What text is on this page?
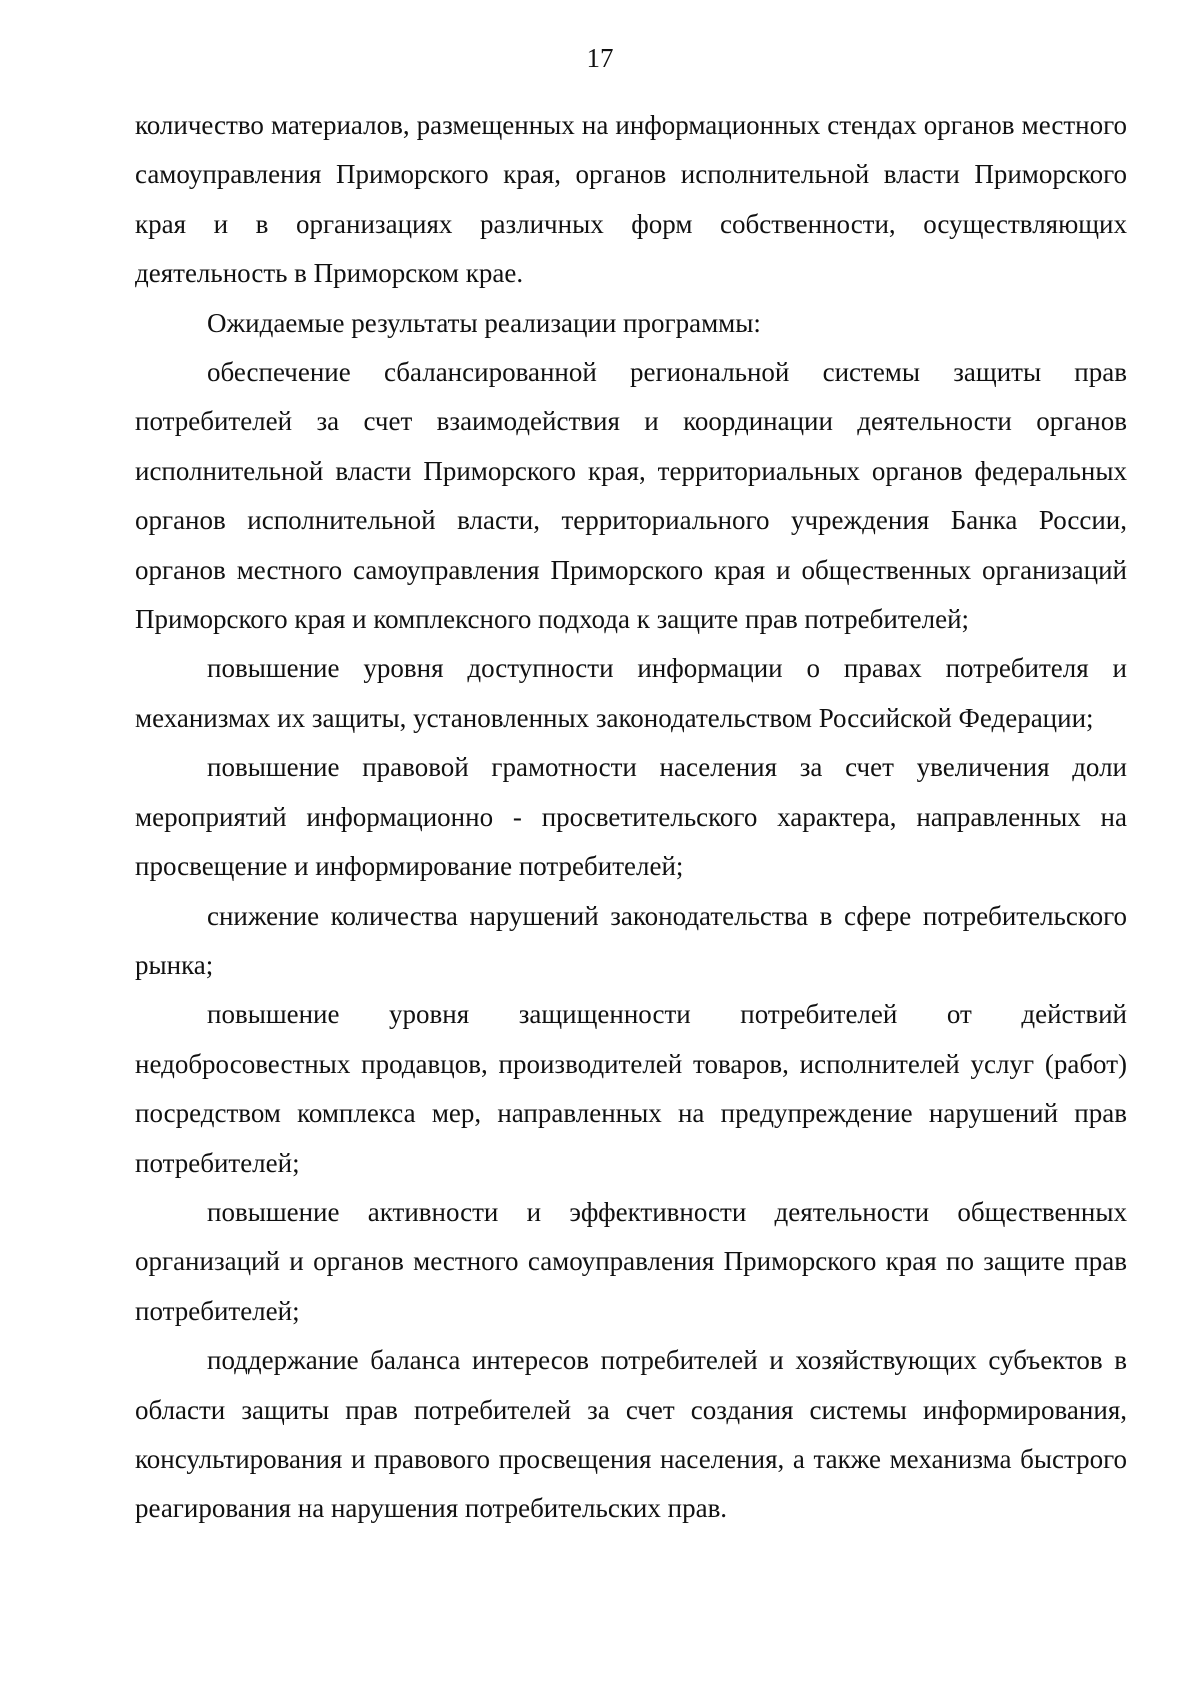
17

количество материалов, размещенных на информационных стендах органов местного самоуправления Приморского края, органов исполнительной власти Приморского края и в организациях различных форм собственности, осуществляющих деятельность в Приморском крае.

Ожидаемые результаты реализации программы:

обеспечение сбалансированной региональной системы защиты прав потребителей за счет взаимодействия и координации деятельности органов исполнительной власти Приморского края, территориальных органов федеральных органов исполнительной власти, территориального учреждения Банка России, органов местного самоуправления Приморского края и общественных организаций Приморского края и комплексного подхода к защите прав потребителей;

повышение уровня доступности информации о правах потребителя и механизмах их защиты, установленных законодательством Российской Федерации;

повышение правовой грамотности населения за счет увеличения доли мероприятий информационно - просветительского характера, направленных на просвещение и информирование потребителей;

снижение количества нарушений законодательства в сфере потребительского рынка;

повышение уровня защищенности потребителей от действий недобросовестных продавцов, производителей товаров, исполнителей услуг (работ) посредством комплекса мер, направленных на предупреждение нарушений прав потребителей;

повышение активности и эффективности деятельности общественных организаций и органов местного самоуправления Приморского края по защите прав потребителей;

поддержание баланса интересов потребителей и хозяйствующих субъектов в области защиты прав потребителей за счет создания системы информирования, консультирования и правового просвещения населения, а также механизма быстрого реагирования на нарушения потребительских прав.
